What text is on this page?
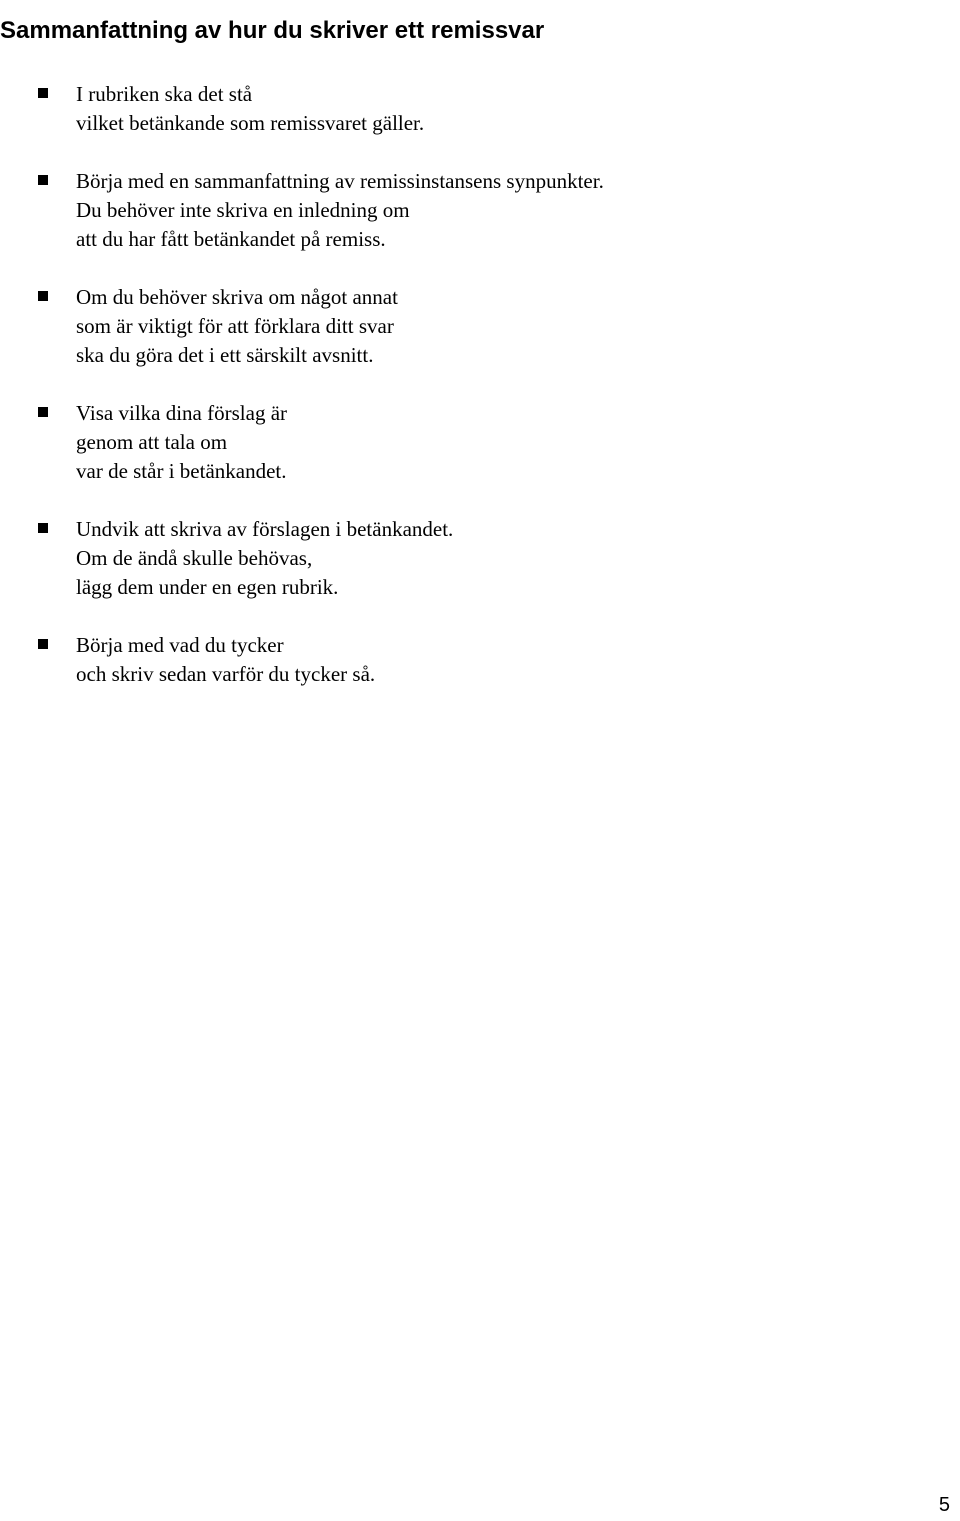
Sammanfattning av hur du skriver ett remissvar
I rubriken ska det stå
vilket betänkande som remissvaret gäller.
Börja med en sammanfattning av remissinstansens synpunkter.
Du behöver inte skriva en inledning om
att du har fått betänkandet på remiss.
Om du behöver skriva om något annat
som är viktigt för att förklara ditt svar
ska du göra det i ett särskilt avsnitt.
Visa vilka dina förslag är
genom att tala om
var de står i betänkandet.
Undvik att skriva av förslagen i betänkandet.
Om de ändå skulle behövas,
lägg dem under en egen rubrik.
Börja med vad du tycker
och skriv sedan varför du tycker så.
5
